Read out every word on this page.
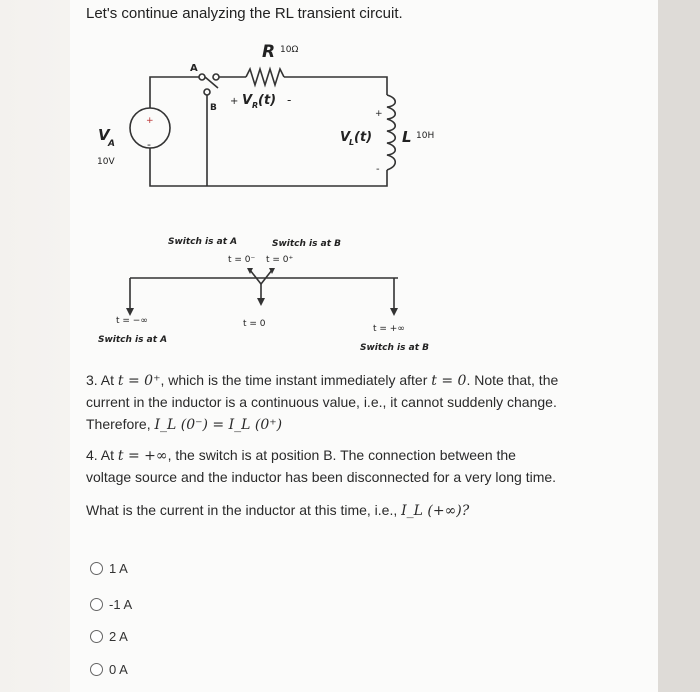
Let's continue analyzing the RL transient circuit.
R 10Ω
A
B
+ V R (t) -
V
A
10V
+
-	V
L (t) L 10H
+
-
Switch is at A	Switch is at B
t = 0⁻ t = 0⁺
t = −∞
Switch is at A
t = 0	t = +∞
Switch is at B
3. At t = 0⁺, which is the time instant immediately after t = 0. Note that, the
current in the inductor is a continuous value, i.e., it cannot suddenly change.
Therefore, I_L (0⁻) = I_L (0⁺)
4. At t = +∞, the switch is at position B. The connection between the
voltage source and the inductor has been disconnected for a very long time.
What is the current in the inductor at this time, i.e., I_L (+∞)?
1 A
-1 A
2 A
0 A
